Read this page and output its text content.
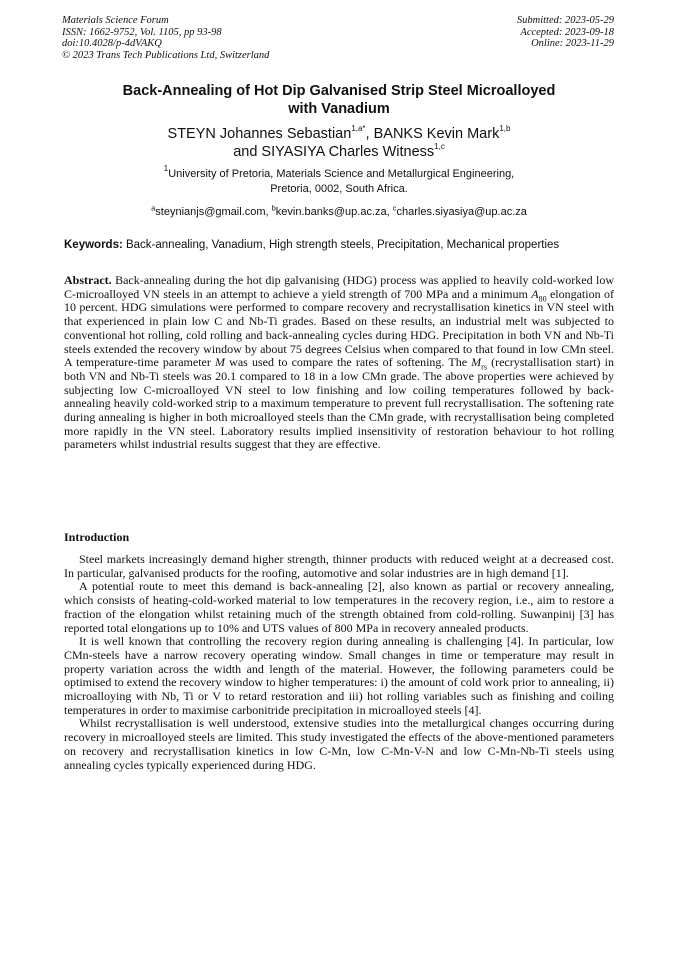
Materials Science Forum
ISSN: 1662-9752, Vol. 1105, pp 93-98
doi:10.4028/p-4dVAKQ
© 2023 Trans Tech Publications Ltd, Switzerland
Submitted: 2023-05-29
Accepted: 2023-09-18
Online: 2023-11-29
Back-Annealing of Hot Dip Galvanised Strip Steel Microalloyed
with Vanadium
STEYN Johannes Sebastian$^{1,a*}$, BANKS Kevin Mark$^{1,b}$
and SIYASIYA Charles Witness$^{1,c}$
$^1$University of Pretoria, Materials Science and Metallurgical Engineering,
Pretoria, 0002, South Africa.
$^a$steynianjs@gmail.com, $^b$kevin.banks@up.ac.za, $^c$charles.siyasiya@up.ac.za
Keywords: Back-annealing, Vanadium, High strength steels, Precipitation, Mechanical properties

Abstract. Back-annealing during the hot dip galvanising (HDG) process was applied to heavily cold-worked low C-microalloyed VN steels in an attempt to achieve a yield strength of 700 MPa and a minimum $A_{80}$ elongation of 10 percent. HDG simulations were performed to compare recovery and recrystallisation kinetics in VN steel with that experienced in plain low C and Nb-Ti grades. Based on these results, an industrial melt was subjected to conventional hot rolling, cold rolling and back-annealing cycles during HDG. Precipitation in both VN and Nb-Ti steels extended the recovery window by about 75 degrees Celsius when compared to that found in low CMn steel. A temperature-time parameter M was used to compare the rates of softening. The $M_{rs}$ (recrystallisation start) in both VN and Nb-Ti steels was 20.1 compared to 18 in a low CMn grade. The above properties were achieved by subjecting low C-microalloyed VN steel to low finishing and low coiling temperatures followed by back-annealing heavily cold-worked strip to a maximum temperature to prevent full recrystallisation. The softening rate during annealing is higher in both microalloyed steels than the CMn grade, with recrystallisation being completed more rapidly in the VN steel. Laboratory results implied insensitivity of restoration behaviour to hot rolling parameters whilst industrial results suggest that they are effective.

Introduction

Steel markets increasingly demand higher strength, thinner products with reduced weight at a decreased cost. In particular, galvanised products for the roofing, automotive and solar industries are in high demand [1].

A potential route to meet this demand is back-annealing [2], also known as partial or recovery annealing, which consists of heating-cold-worked material to low temperatures in the recovery region, i.e., aim to restore a fraction of the elongation whilst retaining much of the strength obtained from cold-rolling. Suwanpinij [3] has reported total elongations up to 10% and UTS values of 800 MPa in recovery annealed products.

It is well known that controlling the recovery region during annealing is challenging [4]. In particular, low CMn-steels have a narrow recovery operating window. Small changes in time or temperature may result in property variation across the width and length of the material. However, the following parameters could be optimised to extend the recovery window to higher temperatures: i) the amount of cold work prior to annealing, ii) microalloying with Nb, Ti or V to retard restoration and iii) hot rolling variables such as finishing and coiling temperatures in order to maximise carbonitride precipitation in microalloyed steels [4].

Whilst recrystallisation is well understood, extensive studies into the metallurgical changes occurring during recovery in microalloyed steels are limited. This study investigated the effects of the above-mentioned parameters on recovery and recrystallisation kinetics in low C-Mn, low C-Mn-V-N and low C-Mn-Nb-Ti steels using annealing cycles typically experienced during HDG.
